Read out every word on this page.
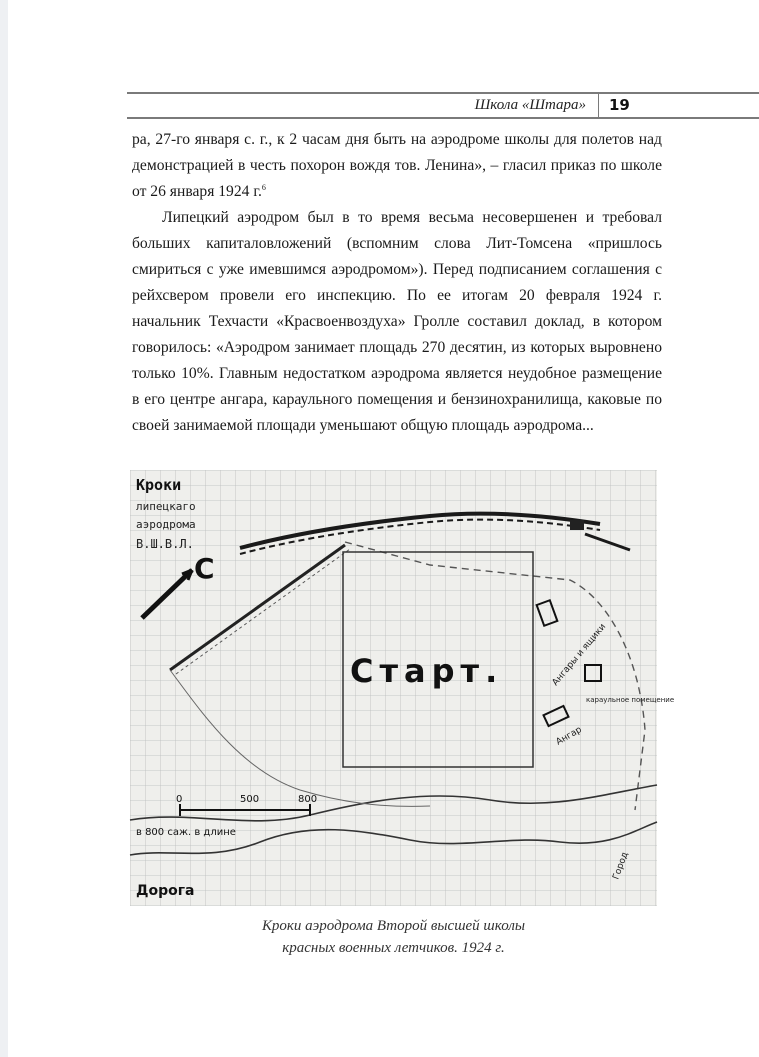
Школа «Штара» 19

ра, 27-го января с. г., к 2 часам дня быть на аэродроме школы для полетов над демонстрацией в честь похорон вождя тов. Ленина», – гласил приказ по школе от 26 января 1924 г.$^6$

Липецкий аэродром был в то время весьма несовершенен и требовал больших капиталовложений (вспомним слова Лит-Томсена «пришлось смириться с уже имевшимся аэродромом»). Перед подписанием соглашения с рейхсвером провели его инспекцию. По ее итогам 20 февраля 1924 г. начальник Техчасти «Красвоенвоздуха» Гролле составил доклад, в котором говорилось: «Аэродром занимает площадь 270 десятин, из которых выровнено только 10%. Главным недостатком аэродрома является неудобное размещение в его центре ангара, караульного помещения и бензинохранилища, каковые по своей занимаемой площади уменьшают общую площадь аэродрома...

С
Кроки
липецкаго
аэродрома
В.Ш.В.Л.
Старт.	Ангары и ящики
караульное помещение
Ангар
0	500	800
в 800 саж. в длине
Дорога
Город
Кроки аэродрома Второй высшей школы
красных военных летчиков. 1924 г.
